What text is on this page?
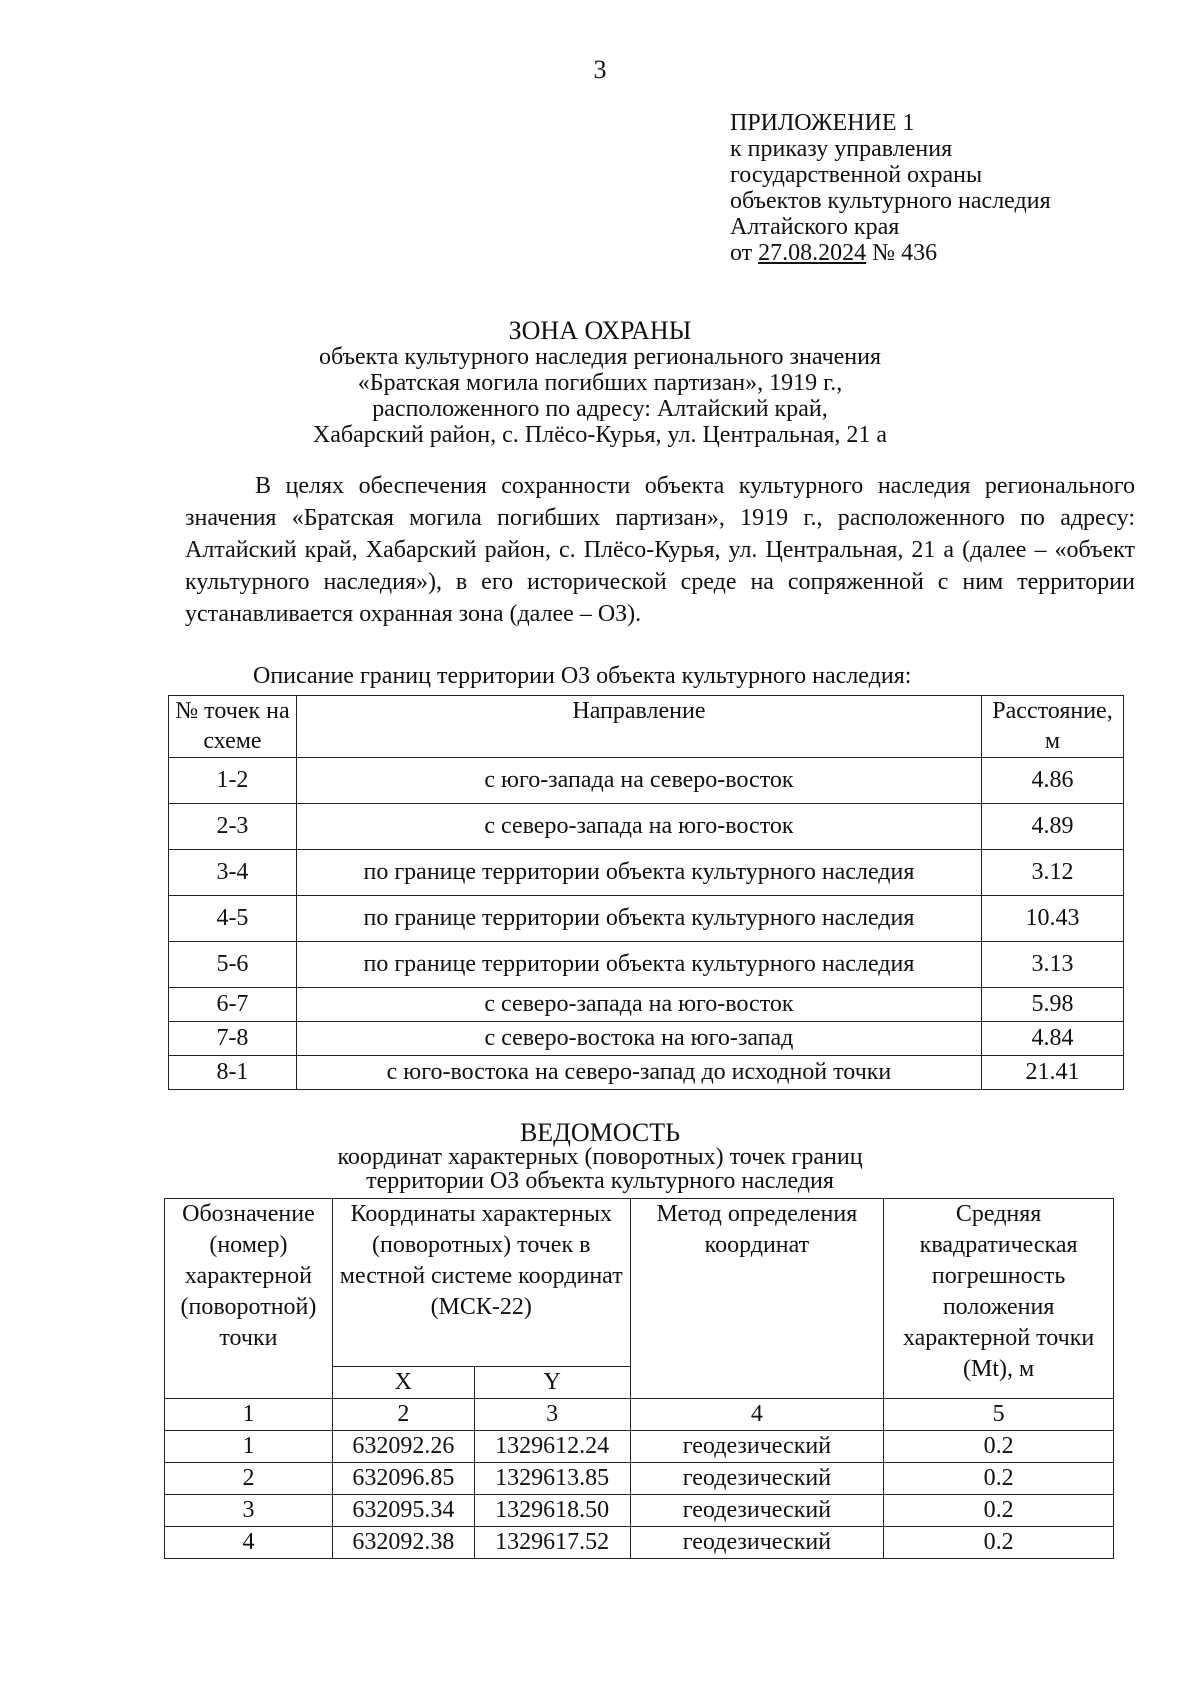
3
ПРИЛОЖЕНИЕ 1
к приказу управления
государственной охраны
объектов культурного наследия
Алтайского края
от 27.08.2024 № 436
ЗОНА ОХРАНЫ
объекта культурного наследия регионального значения
«Братская могила погибших партизан», 1919 г.,
расположенного по адресу: Алтайский край,
Хабарский район, с. Плёсо-Курья, ул. Центральная, 21 а
В целях обеспечения сохранности объекта культурного наследия регионального значения «Братская могила погибших партизан», 1919 г., расположенного по адресу: Алтайский край, Хабарский район, с. Плёсо-Курья, ул. Центральная, 21 а (далее – «объект культурного наследия»), в его исторической среде на сопряженной с ним территории устанавливается охранная зона (далее – ОЗ).
Описание границ территории ОЗ объекта культурного наследия:
№ точек на схеме	Направление	Расстояние, м
1-2	с юго-запада на северо-восток	4.86
2-3	с северо-запада на юго-восток	4.89
3-4	по границе территории объекта культурного наследия	3.12
4-5	по границе территории объекта культурного наследия	10.43
5-6	по границе территории объекта культурного наследия	3.13
6-7	с северо-запада на юго-восток	5.98
7-8	с северо-востока на юго-запад	4.84
8-1	с юго-востока на северо-запад до исходной точки	21.41
ВЕДОМОСТЬ
координат характерных (поворотных) точек границ
территории ОЗ объекта культурного наследия
Обозначение (номер) характерной (поворотной) точки	Координаты характерных (поворотных) точек в местной системе координат (МСК-22)		Метод определения координат	Средняя квадратическая погрешность положения характерной точки (Mt), м
	X	Y		
1	2	3	4	5
1	632092.26	1329612.24	геодезический	0.2
2	632096.85	1329613.85	геодезический	0.2
3	632095.34	1329618.50	геодезический	0.2
4	632092.38	1329617.52	геодезический	0.2
